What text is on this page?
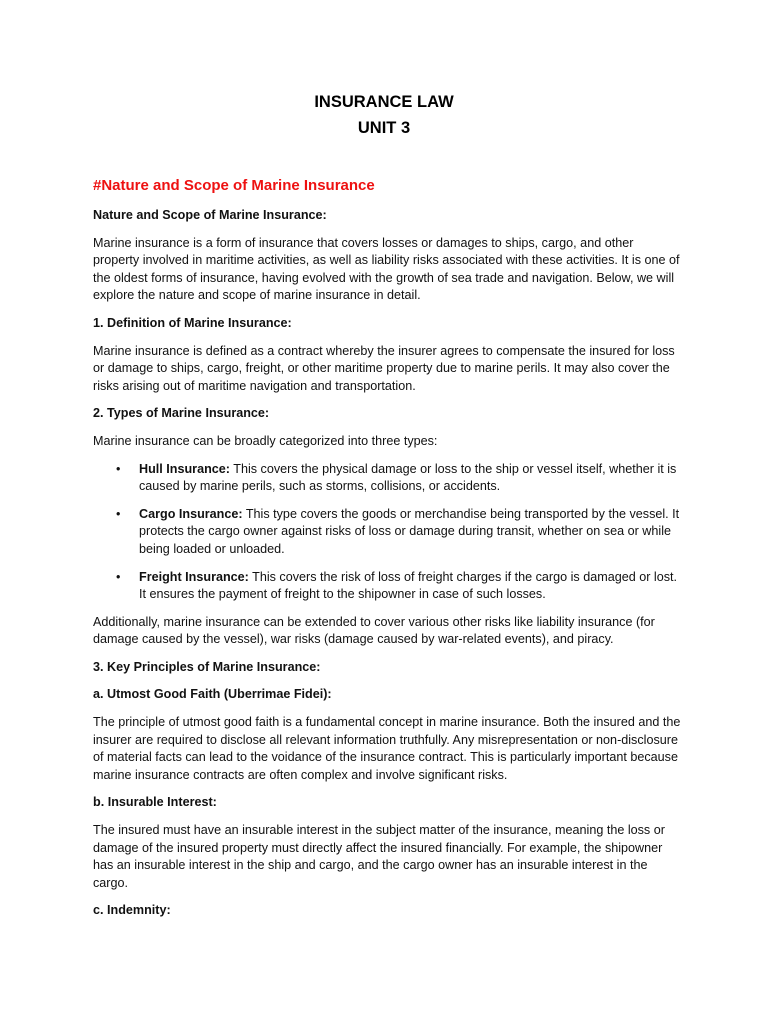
INSURANCE LAW
UNIT 3
#Nature and Scope of Marine Insurance
Nature and Scope of Marine Insurance:
Marine insurance is a form of insurance that covers losses or damages to ships, cargo, and other property involved in maritime activities, as well as liability risks associated with these activities. It is one of the oldest forms of insurance, having evolved with the growth of sea trade and navigation. Below, we will explore the nature and scope of marine insurance in detail.
1. Definition of Marine Insurance:
Marine insurance is defined as a contract whereby the insurer agrees to compensate the insured for loss or damage to ships, cargo, freight, or other maritime property due to marine perils. It may also cover the risks arising out of maritime navigation and transportation.
2. Types of Marine Insurance:
Marine insurance can be broadly categorized into three types:
• Hull Insurance: This covers the physical damage or loss to the ship or vessel itself, whether it is caused by marine perils, such as storms, collisions, or accidents.
• Cargo Insurance: This type covers the goods or merchandise being transported by the vessel. It protects the cargo owner against risks of loss or damage during transit, whether on sea or while being loaded or unloaded.
• Freight Insurance: This covers the risk of loss of freight charges if the cargo is damaged or lost. It ensures the payment of freight to the shipowner in case of such losses.
Additionally, marine insurance can be extended to cover various other risks like liability insurance (for damage caused by the vessel), war risks (damage caused by war-related events), and piracy.
3. Key Principles of Marine Insurance:
a. Utmost Good Faith (Uberrimae Fidei):
The principle of utmost good faith is a fundamental concept in marine insurance. Both the insured and the insurer are required to disclose all relevant information truthfully. Any misrepresentation or non-disclosure of material facts can lead to the voidance of the insurance contract. This is particularly important because marine insurance contracts are often complex and involve significant risks.
b. Insurable Interest:
The insured must have an insurable interest in the subject matter of the insurance, meaning the loss or damage of the insured property must directly affect the insured financially. For example, the shipowner has an insurable interest in the ship and cargo, and the cargo owner has an insurable interest in the cargo.
c. Indemnity:
